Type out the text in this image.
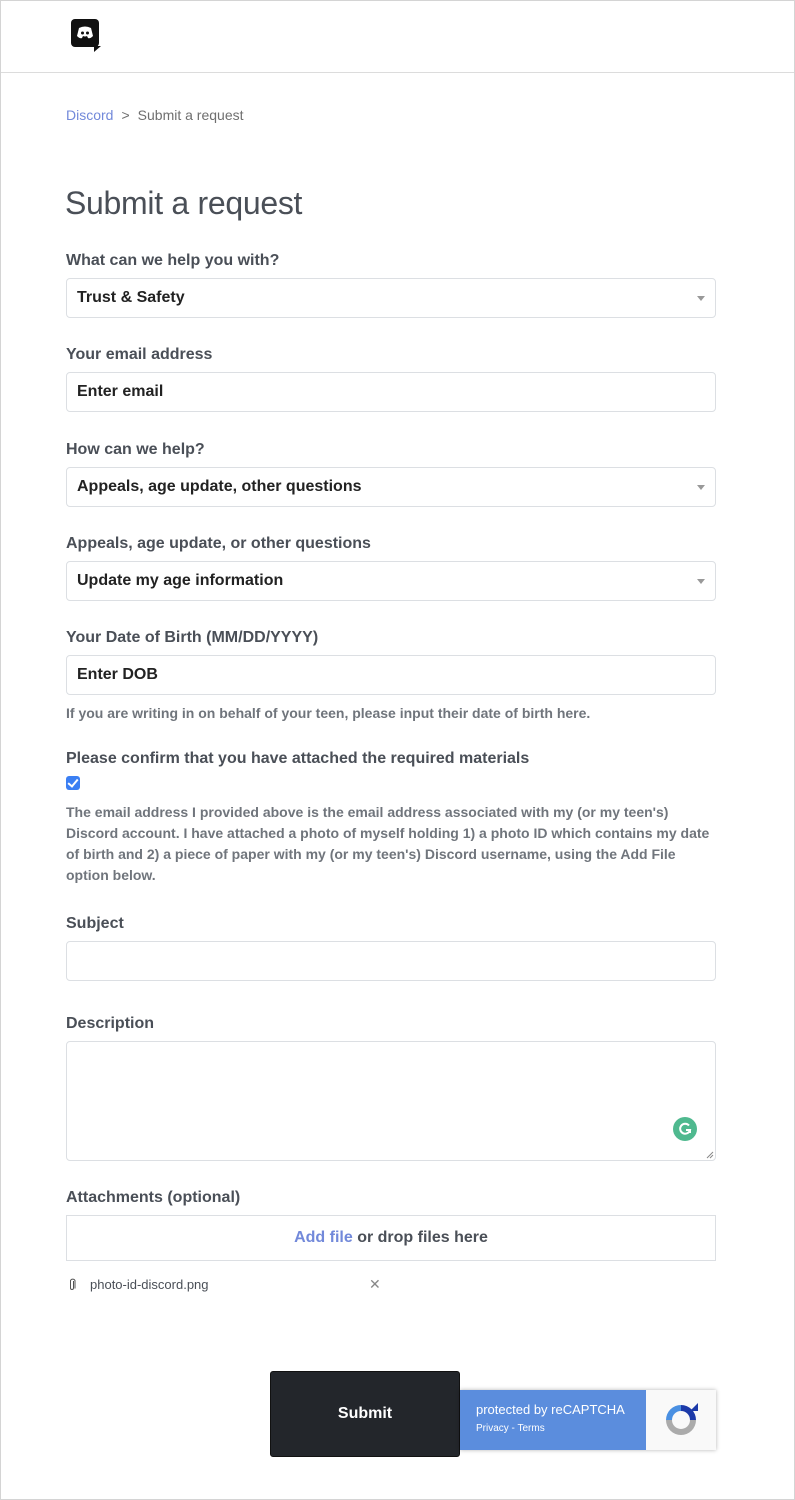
Discord > Submit a request
Submit a request
What can we help you with?
Trust & Safety
Your email address
Enter email
How can we help?
Appeals, age update, other questions
Appeals, age update, or other questions
Update my age information
Your Date of Birth (MM/DD/YYYY)
Enter DOB
If you are writing in on behalf of your teen, please input their date of birth here.
Please confirm that you have attached the required materials
The email address I provided above is the email address associated with my (or my teen's) Discord account. I have attached a photo of myself holding 1) a photo ID which contains my date of birth and 2) a piece of paper with my (or my teen's) Discord username, using the Add File option below.
Subject
Description
Attachments (optional)
Add file or drop files here
photo-id-discord.png	✕
Submit	protected by reCAPTCHA
Privacy - Terms
